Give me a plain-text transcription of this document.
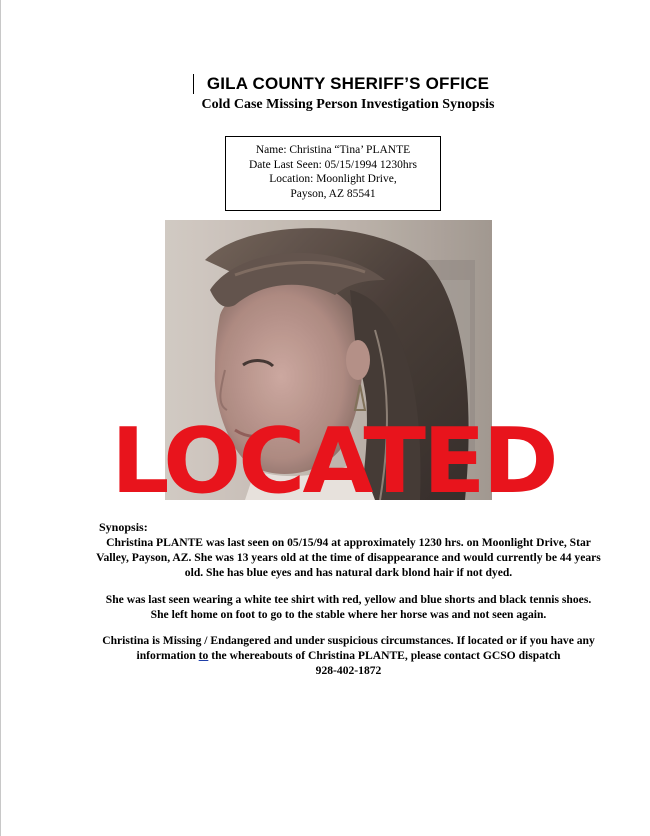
GILA COUNTY SHERIFF’S OFFICE
Cold Case Missing Person Investigation Synopsis
Name: Christina “Tina’ PLANTE
Date Last Seen: 05/15/1994 1230hrs
Location: Moonlight Drive,
Payson, AZ 85541
LOCATED
Synopsis:
Christina PLANTE was last seen on 05/15/94 at approximately 1230 hrs. on Moonlight Drive, Star Valley, Payson, AZ. She was 13 years old at the time of disappearance and would currently be 44 years old. She has blue eyes and has natural dark blond hair if not dyed.
She was last seen wearing a white tee shirt with red, yellow and blue shorts and black tennis shoes. She left home on foot to go to the stable where her horse was and not seen again.
Christina is Missing / Endangered and under suspicious circumstances. If located or if you have any information to the whereabouts of Christina PLANTE, please contact GCSO dispatch
928-402-1872
